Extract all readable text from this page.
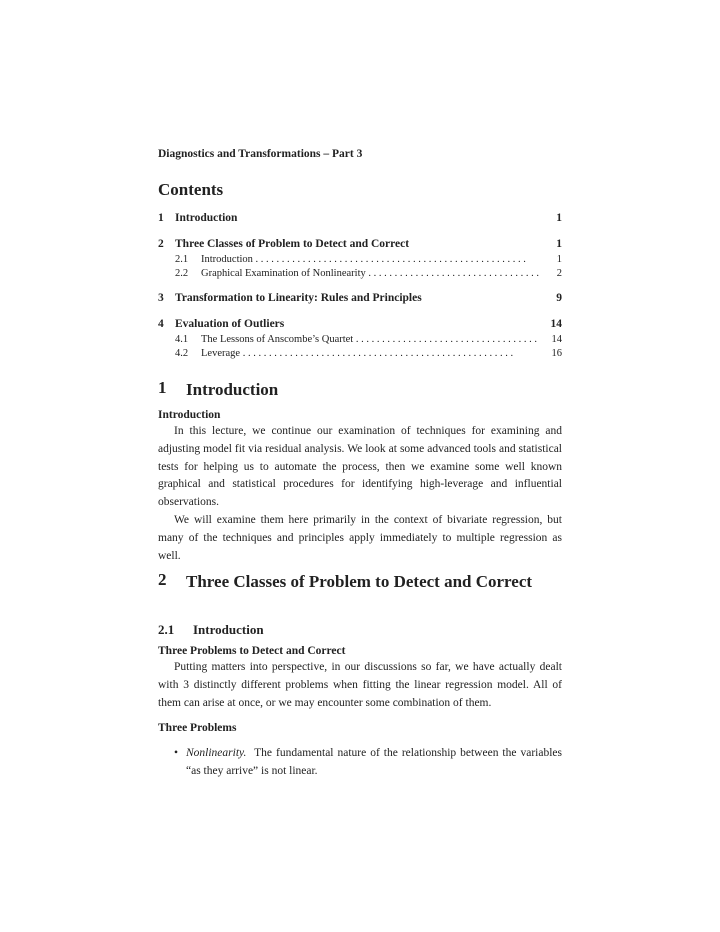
Diagnostics and Transformations – Part 3
Contents
1 Introduction	1
2 Three Classes of Problem to Detect and Correct	1
2.1	Introduction . . .	1
2.2	Graphical Examination of Nonlinearity . . .	2
3 Transformation to Linearity: Rules and Principles	9
4 Evaluation of Outliers	14
4.1	The Lessons of Anscombe’s Quartet . . .	14
4.2	Leverage . . .	16
1	Introduction
Introduction
In this lecture, we continue our examination of techniques for examining and adjusting model fit via residual analysis. We look at some advanced tools and statistical tests for helping us to automate the process, then we examine some well known graphical and statistical procedures for identifying high-leverage and influential observations.
We will examine them here primarily in the context of bivariate regression, but many of the techniques and principles apply immediately to multiple regression as well.
2	Three Classes of Problem to Detect and Correct
2.1	Introduction
Three Problems to Detect and Correct
Putting matters into perspective, in our discussions so far, we have actually dealt with 3 distinctly different problems when fitting the linear regression model. All of them can arise at once, or we may encounter some combination of them.
Three Problems
• Nonlinearity. The fundamental nature of the relationship between the variables “as they arrive” is not linear.
